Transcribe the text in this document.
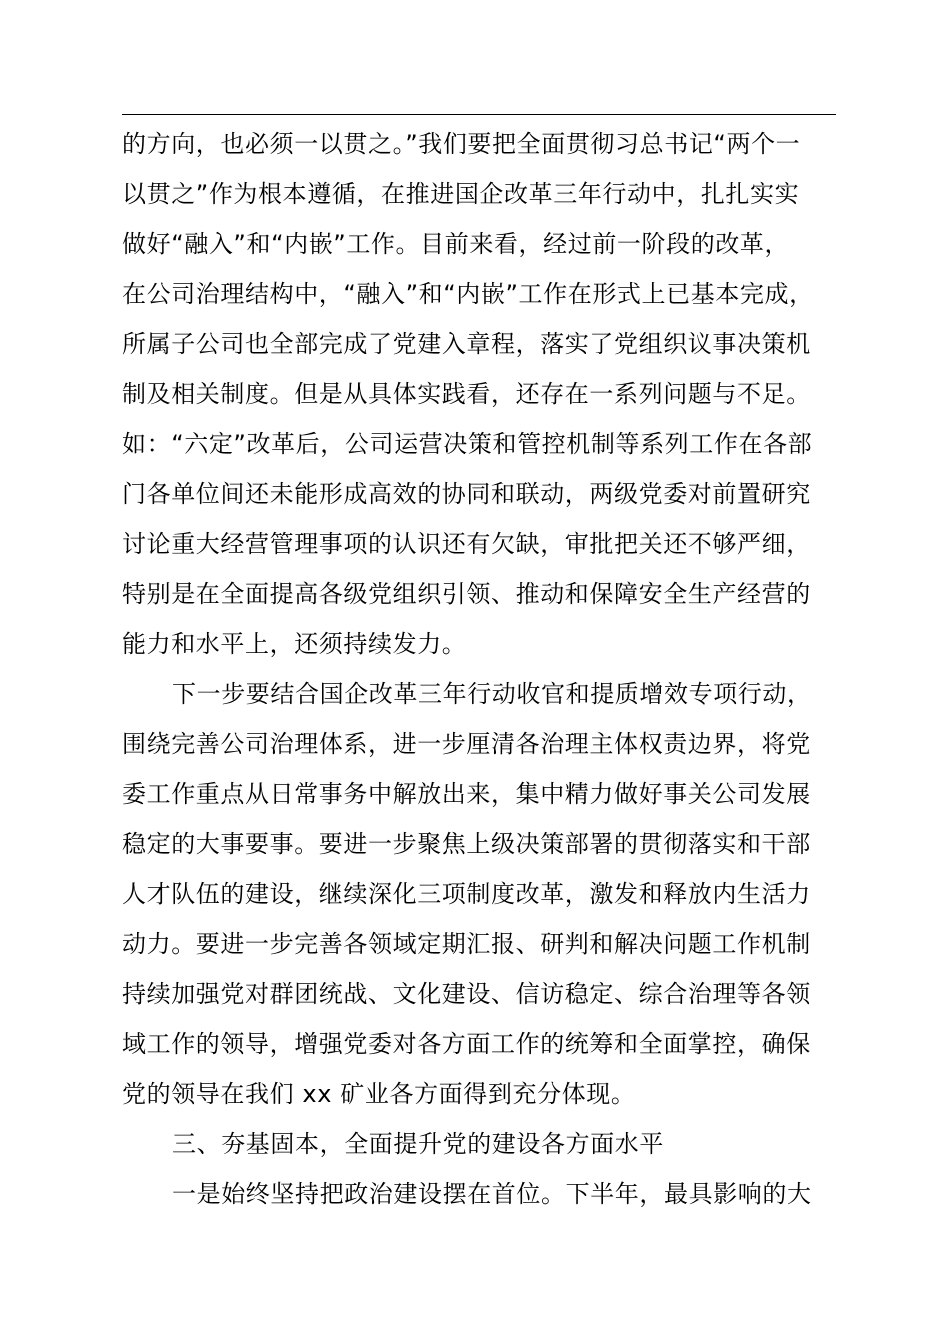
的方向，也必须一以贯之。”我们要把全面贯彻习总书记“两个一
以贯之”作为根本遵循，在推进国企改革三年行动中，扎扎实实
做好“融入”和“内嵌”工作。目前来看，经过前一阶段的改革，
在公司治理结构中，“融入”和“内嵌”工作在形式上已基本完成，
所属子公司也全部完成了党建入章程，落实了党组织议事决策机
制及相关制度。但是从具体实践看，还存在一系列问题与不足。
如：“六定”改革后，公司运营决策和管控机制等系列工作在各部
门各单位间还未能形成高效的协同和联动，两级党委对前置研究
讨论重大经营管理事项的认识还有欠缺，审批把关还不够严细，
特别是在全面提高各级党组织引领、推动和保障安全生产经营的
能力和水平上，还须持续发力。
下一步要结合国企改革三年行动收官和提质增效专项行动，
围绕完善公司治理体系，进一步厘清各治理主体权责边界，将党
委工作重点从日常事务中解放出来，集中精力做好事关公司发展
稳定的大事要事。要进一步聚焦上级决策部署的贯彻落实和干部
人才队伍的建设，继续深化三项制度改革，激发和释放内生活力
动力。要进一步完善各领域定期汇报、研判和解决问题工作机制
持续加强党对群团统战、文化建设、信访稳定、综合治理等各领
域工作的领导，增强党委对各方面工作的统筹和全面掌控，确保
党的领导在我们 xx 矿业各方面得到充分体现。
三、夯基固本，全面提升党的建设各方面水平
一是始终坚持把政治建设摆在首位。下半年，最具影响的大
